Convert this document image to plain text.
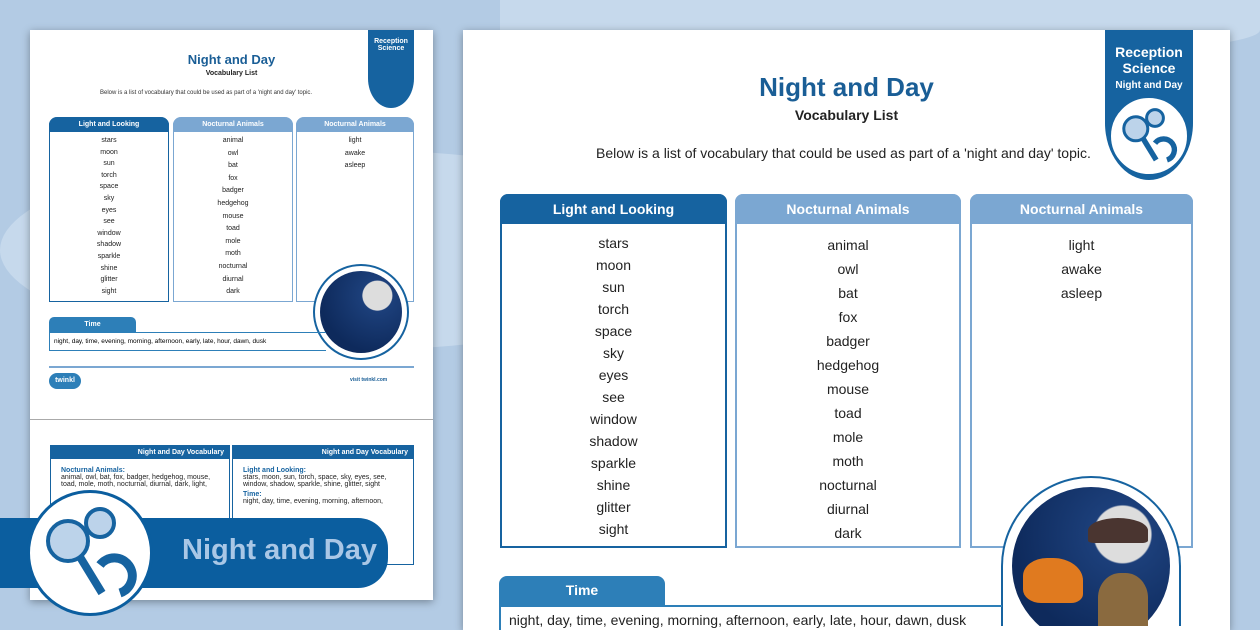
Night and Day
Vocabulary List
Below is a list of vocabulary that could be used as part of a 'night and day' topic.
Reception
Science
Light and Looking
stars
moon
sun
torch
space
sky
eyes
see
window
shadow
sparkle
shine
glitter
sight
Nocturnal Animals
animal
owl
bat
fox
badger
hedgehog
mouse
toad
mole
moth
nocturnal
diurnal
dark
Nocturnal Animals
light
awake
asleep
Time
night, day, time, evening, morning, afternoon, early, late, hour, dawn, dusk
twinkl	visit twinkl.com
Night and Day Vocabulary
Nocturnal Animals:
animal, owl, bat, fox, badger, hedgehog, mouse, toad, mole, moth, nocturnal, diurnal, dark, light,
Night and Day Vocabulary
Light and Looking:
stars, moon, sun, torch, space, sky, eyes, see, window, shadow, sparkle, shine, glitter, sight
Time:
night, day, time, evening, morning, afternoon,
Night and Day
Night and Day
Vocabulary List
Below is a list of vocabulary that could be used as part of a 'night and day' topic.
Reception
Science
Night and Day
Light and Looking
stars
moon
sun
torch
space
sky
eyes
see
window
shadow
sparkle
shine
glitter
sight
Nocturnal Animals
animal
owl
bat
fox
badger
hedgehog
mouse
toad
mole
moth
nocturnal
diurnal
dark
Nocturnal Animals
light
awake
asleep
Time
night, day, time, evening, morning, afternoon, early, late, hour, dawn, dusk
